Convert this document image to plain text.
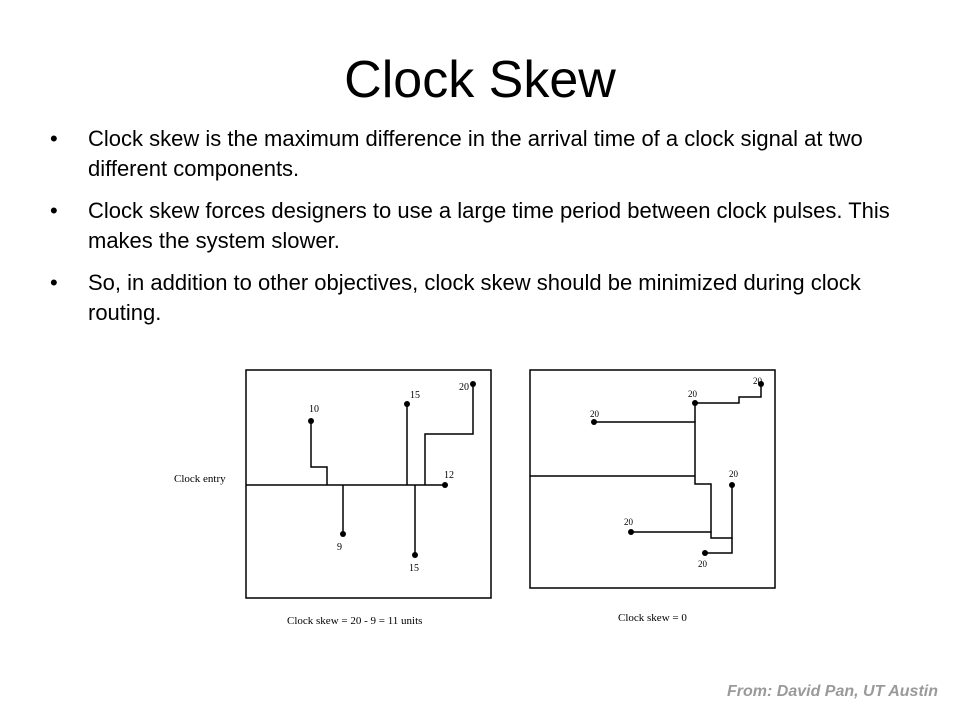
Clock Skew
• Clock skew is the maximum difference in the arrival time of a clock signal at two different components.
• Clock skew forces designers to use a large time period between clock pulses. This makes the system slower.
• So, in addition to other objectives, clock skew should be minimized during clock routing.
Clock entry
10
15
20
12
9
15
Clock skew = 20 - 9 = 11 units
20
20
20
20
20
20
Clock skew = 0
From: David Pan, UT Austin
